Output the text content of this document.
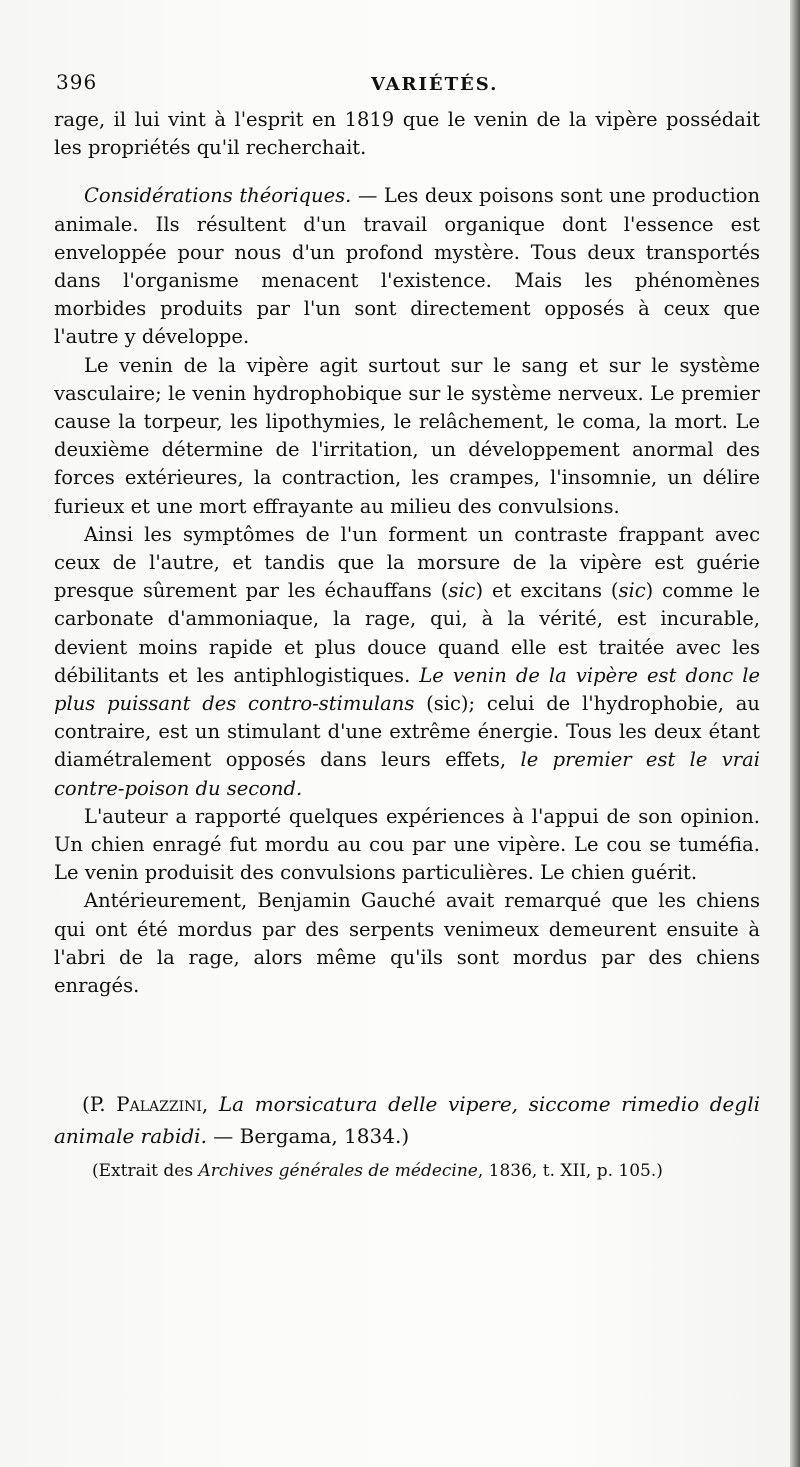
396	VARIÉTÉS.

rage, il lui vint à l'esprit en 1819 que le venin de la vipère possédait les propriétés qu'il recherchait.

Considérations théoriques. — Les deux poisons sont une production animale. Ils résultent d'un travail organique dont l'essence est enveloppée pour nous d'un profond mystère. Tous deux transportés dans l'organisme menacent l'existence. Mais les phénomènes morbides produits par l'un sont directement opposés à ceux que l'autre y développe.

Le venin de la vipère agit surtout sur le sang et sur le système vasculaire; le venin hydrophobique sur le système nerveux. Le premier cause la torpeur, les lipothymies, le relâchement, le coma, la mort. Le deuxième détermine de l'irritation, un développement anormal des forces extérieures, la contraction, les crampes, l'insomnie, un délire furieux et une mort effrayante au milieu des convulsions.

Ainsi les symptômes de l'un forment un contraste frappant avec ceux de l'autre, et tandis que la morsure de la vipère est guérie presque sûrement par les échauffans (sic) et excitans (sic) comme le carbonate d'ammoniaque, la rage, qui, à la vérité, est incurable, devient moins rapide et plus douce quand elle est traitée avec les débilitants et les antiphlogistiques. Le venin de la vipère est donc le plus puissant des contro-stimulans (sic); celui de l'hydrophobie, au contraire, est un stimulant d'une extrême énergie. Tous les deux étant diamétralement opposés dans leurs effets, le premier est le vrai contre-poison du second.

L'auteur a rapporté quelques expériences à l'appui de son opinion. Un chien enragé fut mordu au cou par une vipère. Le cou se tuméfia. Le venin produisit des convulsions particulières. Le chien guérit.

Antérieurement, Benjamin Gauché avait remarqué que les chiens qui ont été mordus par des serpents venimeux demeurent ensuite à l'abri de la rage, alors même qu'ils sont mordus par des chiens enragés.

(P. Palazzini, La morsicatura delle vipere, siccome rimedio degli animale rabidi. — Bergama, 1834.)

(Extrait des Archives générales de médecine, 1836, t. XII, p. 105.)
